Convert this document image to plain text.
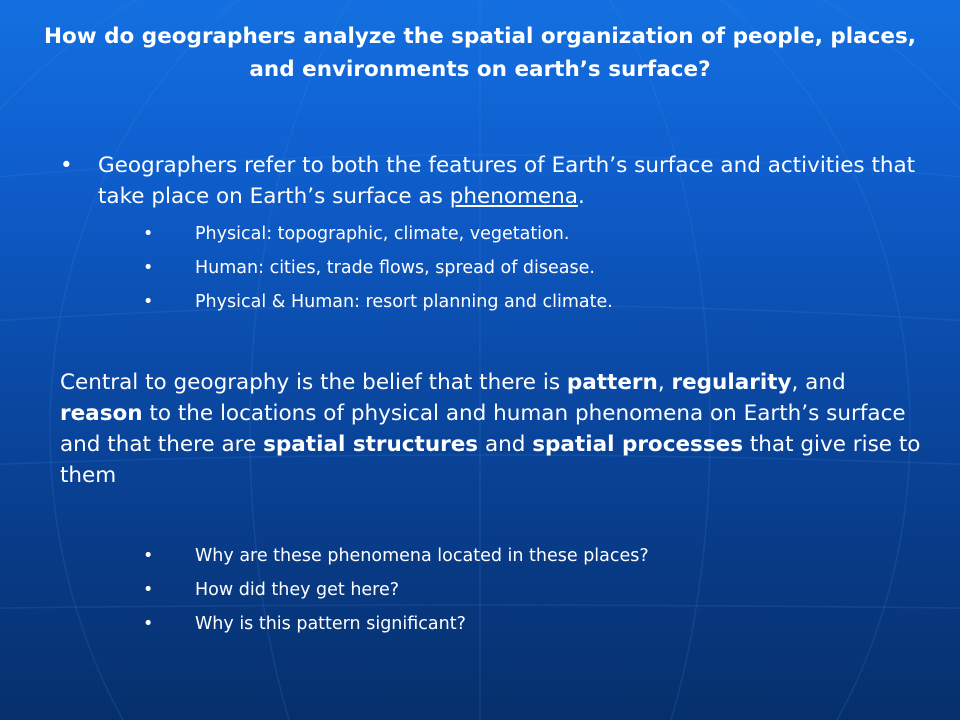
How do geographers analyze the spatial organization of people, places, and environments on earth’s surface?
•	Geographers refer to both the features of Earth’s surface and activities that take place on Earth’s surface as phenomena.
•	Physical: topographic, climate, vegetation.
•	Human: cities, trade flows, spread of disease.
•	Physical & Human: resort planning and climate.

Central to geography is the belief that there is pattern, regularity, and reason to the locations of physical and human phenomena on Earth’s surface and that there are spatial structures and spatial processes that give rise to them

•	Why are these phenomena located in these places?
•	How did they get here?
•	Why is this pattern significant?
